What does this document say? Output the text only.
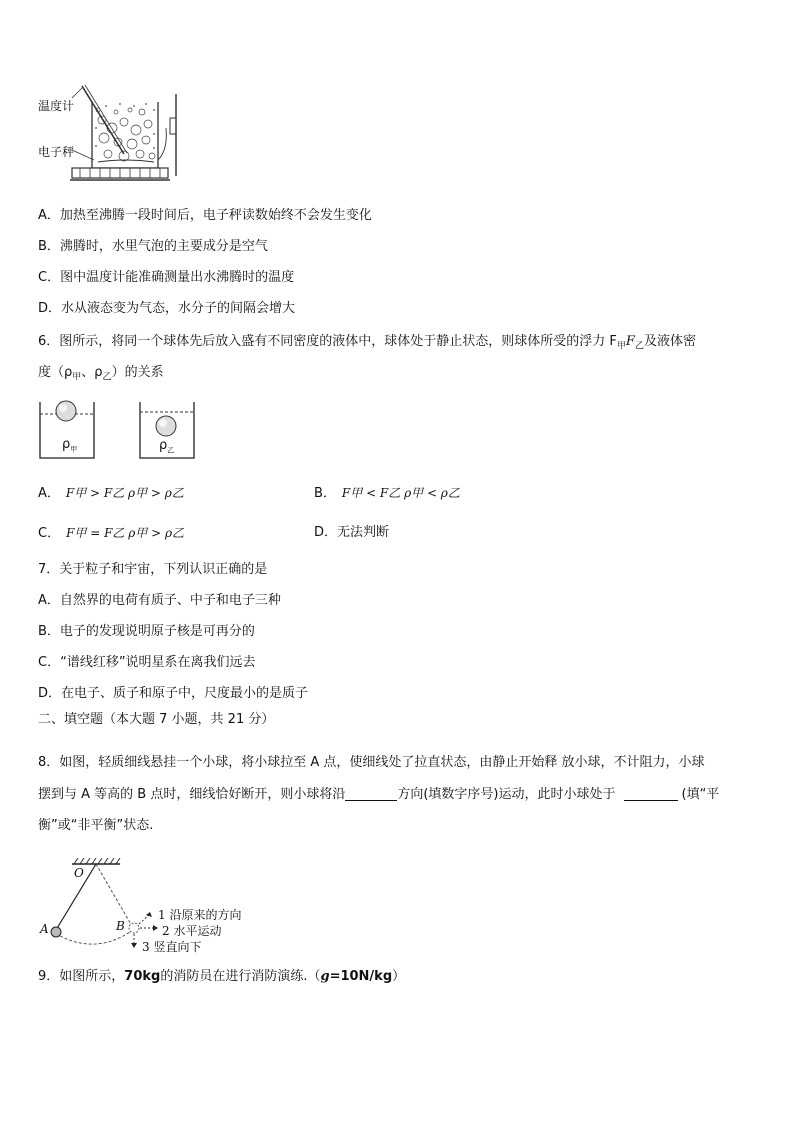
温度计
电子秤
A．加热至沸腾一段时间后，电子秤读数始终不会发生变化
B．沸腾时，水里气泡的主要成分是空气
C．图中温度计能准确测量出水沸腾时的温度
D．水从液态变为气态，水分子的间隔会增大
6．图所示，将同一个球体先后放入盛有不同密度的液体中，球体处于静止状态，则球体所受的浮力 $F_甲F_乙$及液体密
度（$\rho_甲$、$\rho_乙$）的关系
$\rho_甲$	$\rho_乙$
A． F甲 > F乙 ρ甲 > ρ乙	B． F甲 < F乙 ρ甲 < ρ乙
C． F甲 = F乙 ρ甲 > ρ乙	D．无法判断
7．关于粒子和宇宙，下列认识正确的是
A．自然界的电荷有质子、中子和电子三种
B．电子的发现说明原子核是可再分的
C．“谱线红移”说明星系在离我们远去
D．在电子、质子和原子中，尺度最小的是质子
二、填空题（本大题 7 小题，共 21 分）
8．如图，轻质细线悬挂一个小球，将小球拉至 A 点，使细线处了拉直状态，由静止开始释 放小球，不计阻力，小球
摆到与 A 等高的 B 点时，细线恰好断开，则小球将沿	方向(填数字序号)运动，此时小球处于	(填“平
衡”或“非平衡”状态.
O
A	B
1 沿原来的方向
2 水平运动
3 竖直向下
9．如图所示，70kg的消防员在进行消防演练.（g=10N/kg）
